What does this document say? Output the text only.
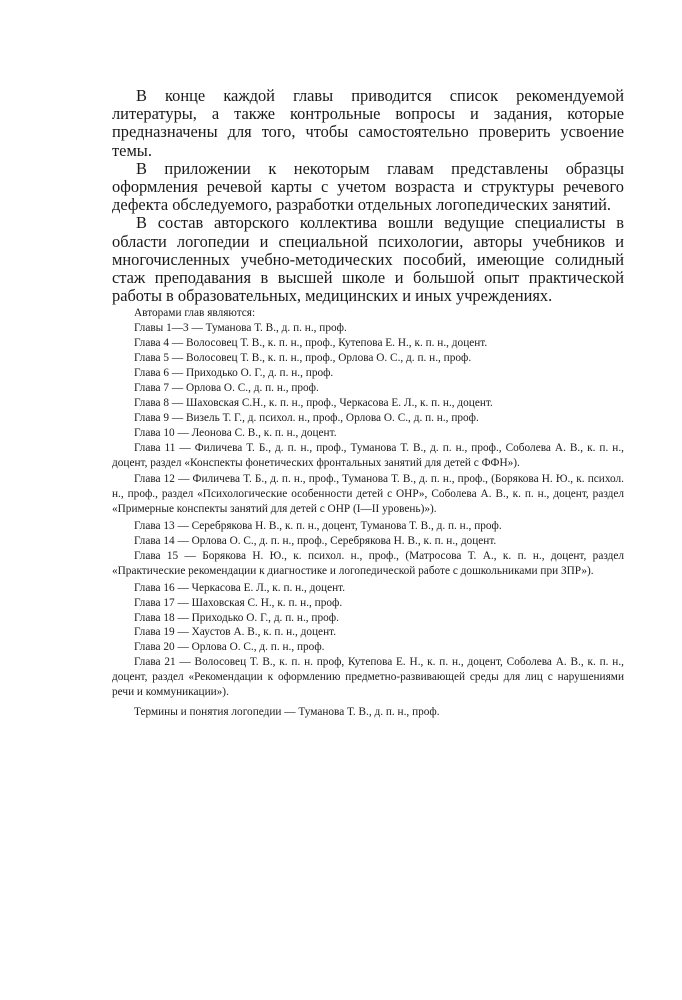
В конце каждой главы приводится список рекомендуемой литературы, а также контрольные вопросы и задания, которые предназначены для того, чтобы самостоятельно проверить усвоение темы.

В приложении к некоторым главам представлены образцы оформления речевой карты с учетом возраста и структуры речевого дефекта обследуемого, разработки отдельных логопедических занятий.

В состав авторского коллектива вошли ведущие специалисты в области логопедии и специальной психологии, авторы учебников и многочисленных учебно-методических пособий, имеющие солидный стаж преподавания в высшей школе и большой опыт практической работы в образовательных, медицинских и иных учреждениях.

Авторами глав являются:

Главы 1—3 — Туманова Т. В., д. п. н., проф.

Глава 4 — Волосовец Т. В., к. п. н., проф., Кутепова Е. Н., к. п. н., доцент.

Глава 5 — Волосовец Т. В., к. п. н., проф., Орлова О. С., д. п. н., проф.

Глава 6 — Приходько О. Г., д. п. н., проф.

Глава 7 — Орлова О. С., д. п. н., проф.

Глава 8 — Шаховская С.Н., к. п. н., проф., Черкасова Е. Л., к. п. н., доцент.

Глава 9 — Визель Т. Г., д. психол. н., проф., Орлова О. С., д. п. н., проф.

Глава 10 — Леонова С. В., к. п. н., доцент.

Глава 11 — Филичева Т. Б., д. п. н., проф., Туманова Т. В., д. п. н., проф., Соболева А. В., к. п. н., доцент, раздел «Конспекты фонетических фронтальных занятий для детей с ФФН»).

Глава 12 — Филичева Т. Б., д. п. н., проф., Туманова Т. В., д. п. н., проф., (Борякова Н. Ю., к. психол. н., проф., раздел «Психологические особенности детей с ОНР», Соболева А. В., к. п. н., доцент, раздел «Примерные конспекты занятий для детей с ОНР (I—II уровень)»).

Глава 13 — Серебрякова Н. В., к. п. н., доцент, Туманова Т. В., д. п. н., проф.

Глава 14 — Орлова О. С., д. п. н., проф., Серебрякова Н. В., к. п. н., доцент.

Глава 15 — Борякова Н. Ю., к. психол. н., проф., (Матросова Т. А., к. п. н., доцент, раздел «Практические рекомендации к диагностике и логопедической работе с дошкольниками при ЗПР»).

Глава 16 — Черкасова Е. Л., к. п. н., доцент.

Глава 17 — Шаховская С. Н., к. п. н., проф.

Глава 18 — Приходько О. Г., д. п. н., проф.

Глава 19 — Хаустов А. В., к. п. н., доцент.

Глава 20 — Орлова О. С., д. п. н., проф.

Глава 21 — Волосовец Т. В., к. п. н. проф, Кутепова Е. Н., к. п. н., доцент, Соболева А. В., к. п. н., доцент, раздел «Рекомендации к оформлению предметно-развивающей среды для лиц с нарушениями речи и коммуникации»).

Термины и понятия логопедии — Туманова Т. В., д. п. н., проф.
